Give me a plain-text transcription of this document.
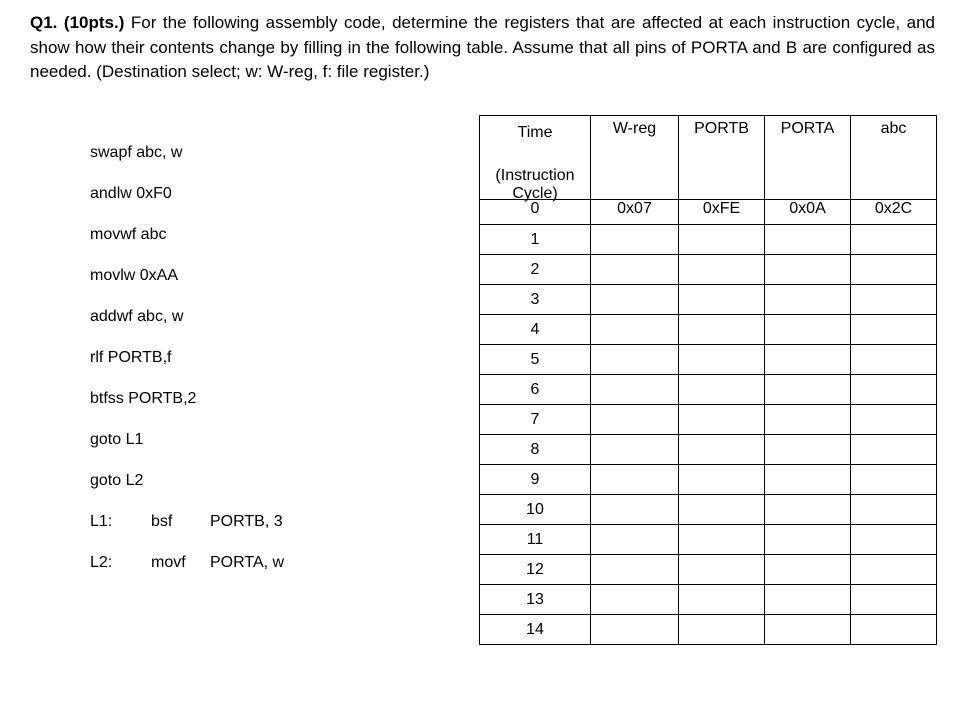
Q1. (10pts.) For the following assembly code, determine the registers that are affected at each instruction cycle, and show how their contents change by filling in the following table. Assume that all pins of PORTA and B are configured as needed. (Destination select; w: W-reg, f: file register.)

swapf abc, w
andlw 0xF0
movwf abc
movlw 0xAA
addwf abc, w
rlf PORTB,f
btfss PORTB,2
goto L1
goto L2
L1: bsf PORTB, 3
L2: movf PORTA, w
Time
(Instruction Cycle)	W-reg	PORTB	PORTA	abc
0	0x07	0xFE	0x0A	0x2C
1				
2				
3				
4				
5				
6				
7				
8				
9				
10				
11				
12				
13				
14				
